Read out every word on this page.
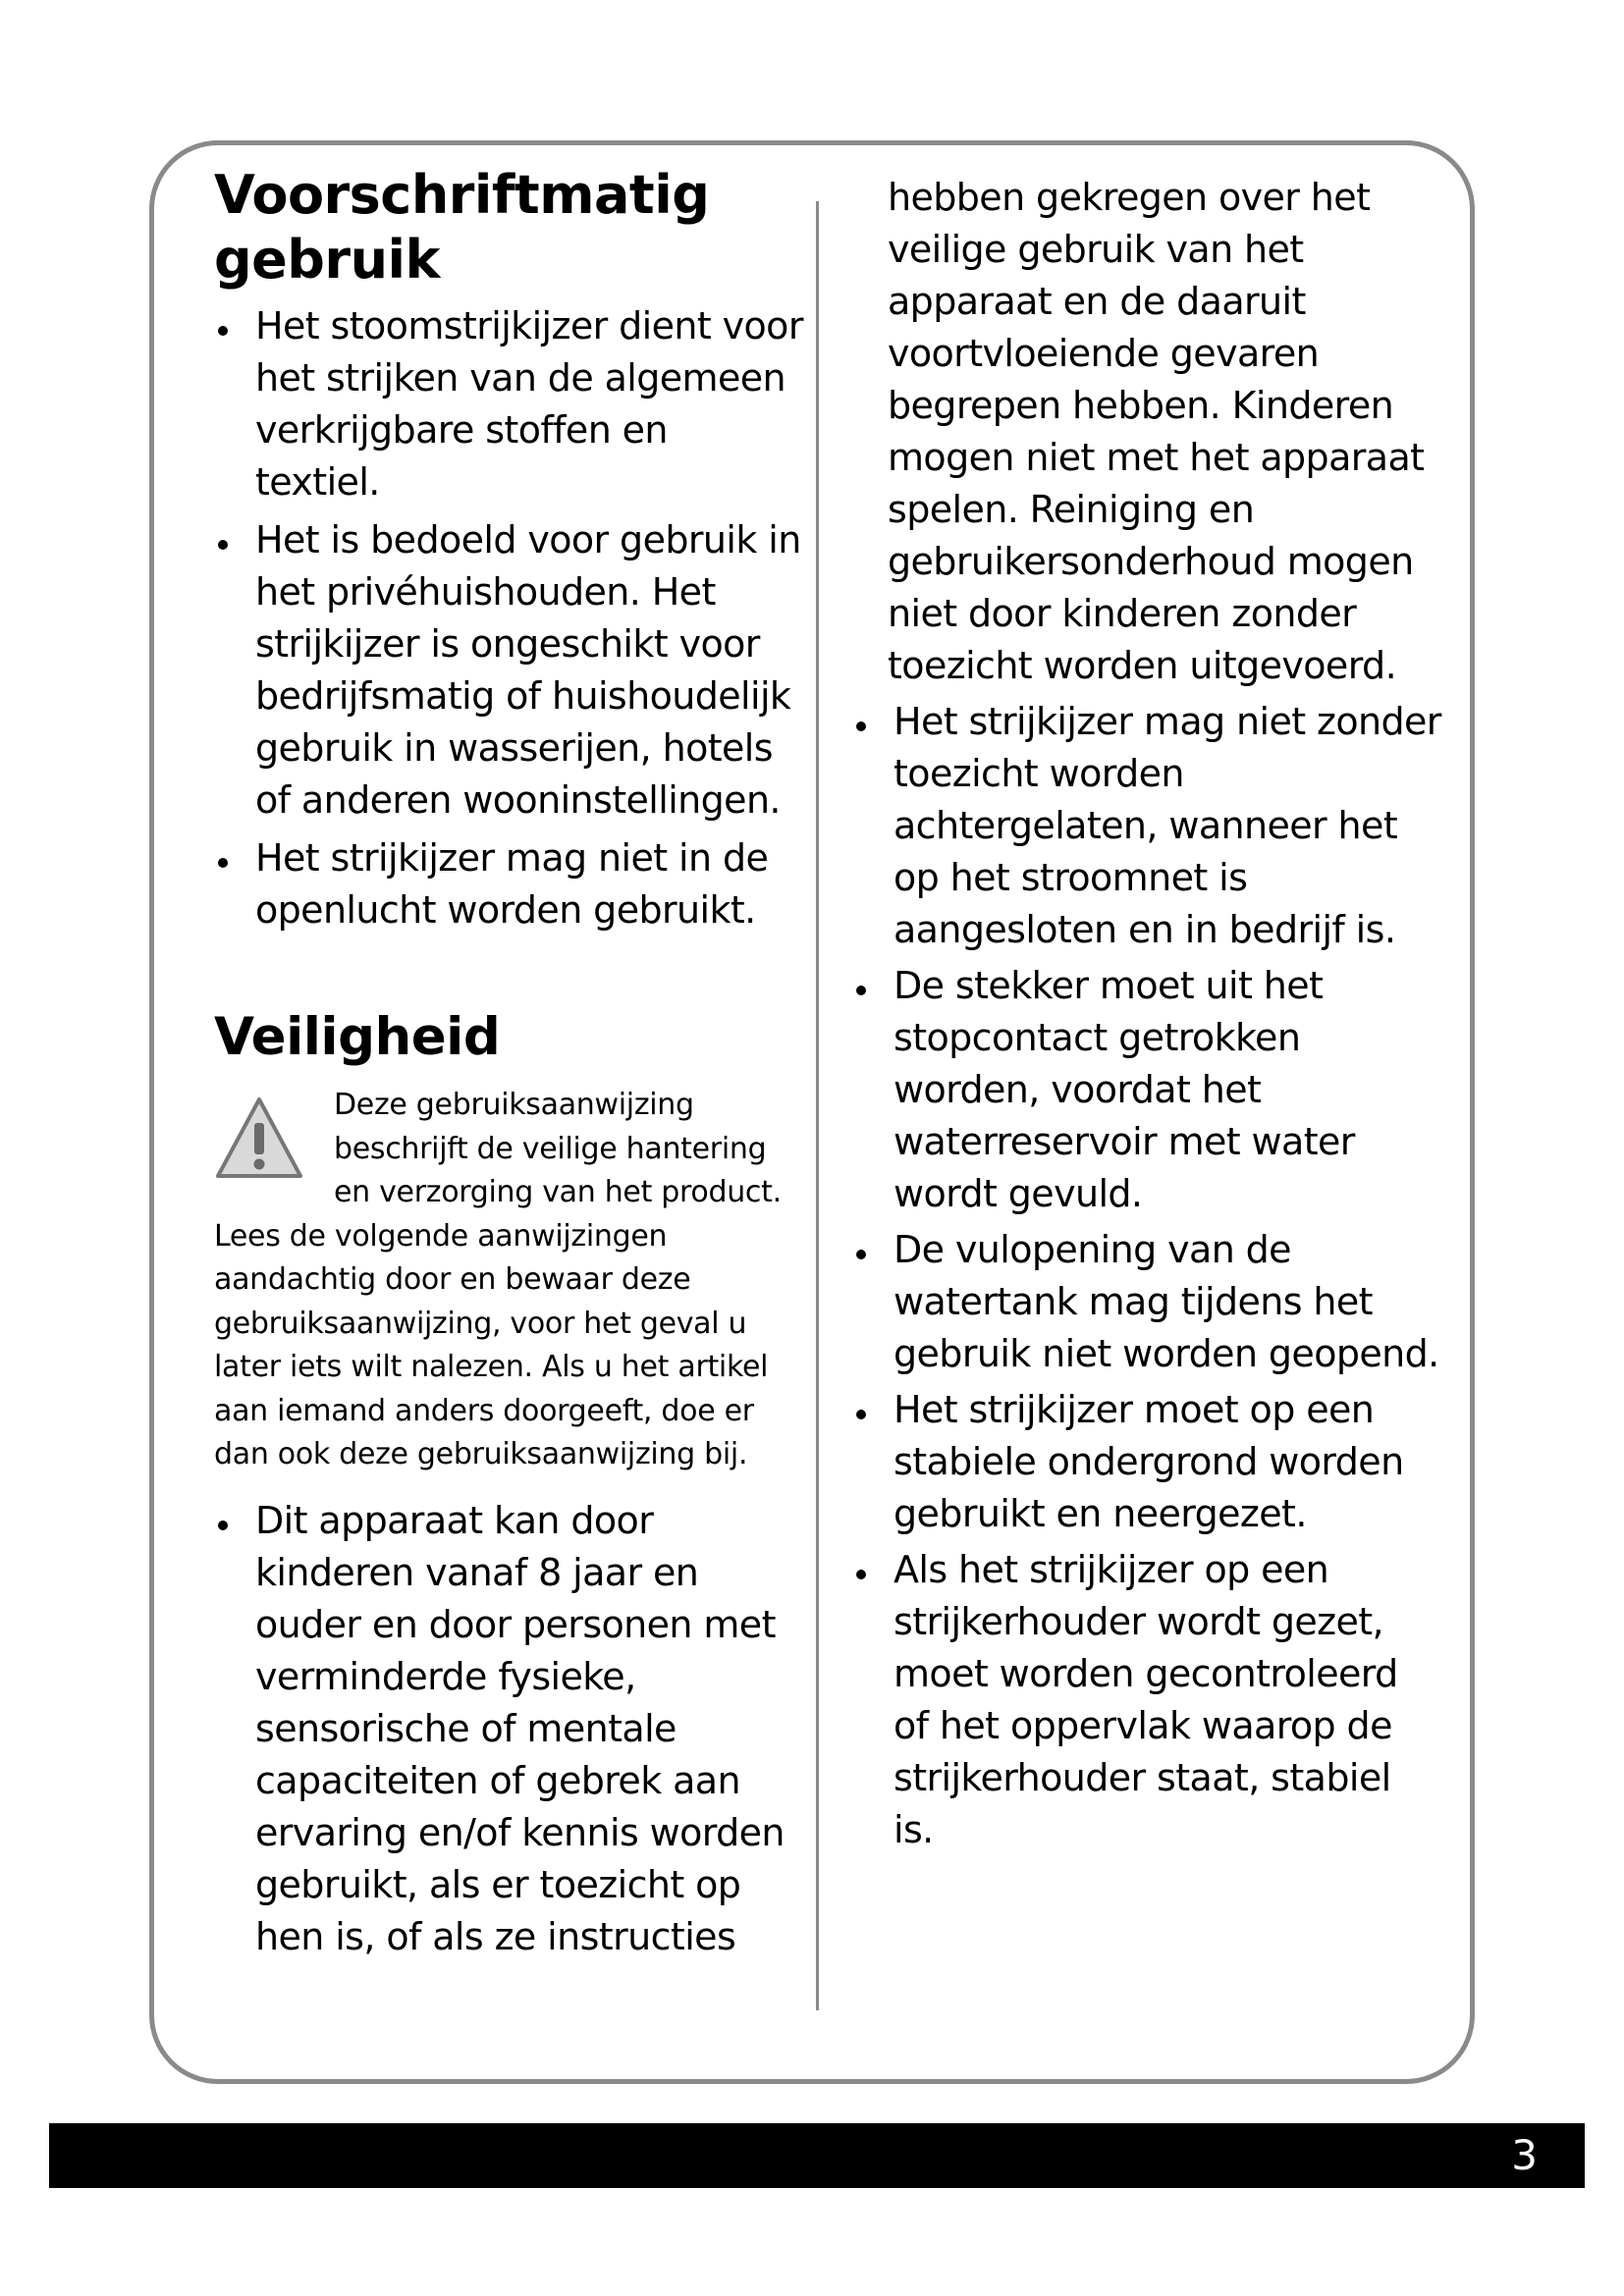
Voorschriftmatig gebruik
Het stoomstrijkijzer dient voor het strijken van de algemeen verkrijgbare stoffen en textiel.
Het is bedoeld voor gebruik in het privéhuishouden. Het strijkijzer is ongeschikt voor bedrijfsmatig of huishoudelijk gebruik in wasserijen, hotels of anderen wooninstellingen.
Het strijkijzer mag niet in de openlucht worden gebruikt.
Veiligheid
Deze gebruiksaanwijzing beschrijft de veilige hantering en verzorging van het product. Lees de volgende aanwijzingen aandachtig door en bewaar deze gebruiksaanwijzing, voor het geval u later iets wilt nalezen. Als u het artikel aan iemand anders doorgeeft, doe er dan ook deze gebruiksaanwijzing bij.
Dit apparaat kan door kinderen vanaf 8 jaar en ouder en door personen met verminderde fysieke, sensorische of mentale capaciteiten of gebrek aan ervaring en/of kennis worden gebruikt, als er toezicht op hen is, of als ze instructies

hebben gekregen over het veilige gebruik van het apparaat en de daaruit voortvloeiende gevaren begrepen hebben. Kinderen mogen niet met het apparaat spelen. Reiniging en gebruikersonderhoud mogen niet door kinderen zonder toezicht worden uitgevoerd.

Het strijkijzer mag niet zonder toezicht worden achtergelaten, wanneer het op het stroomnet is aangesloten en in bedrijf is.
De stekker moet uit het stopcontact getrokken worden, voordat het waterreservoir met water wordt gevuld.
De vulopening van de watertank mag tijdens het gebruik niet worden geopend.
Het strijkijzer moet op een stabiele ondergrond worden gebruikt en neergezet.
Als het strijkijzer op een strijkerhouder wordt gezet, moet worden gecontroleerd of het oppervlak waarop de strijkerhouder staat, stabiel is.
3
